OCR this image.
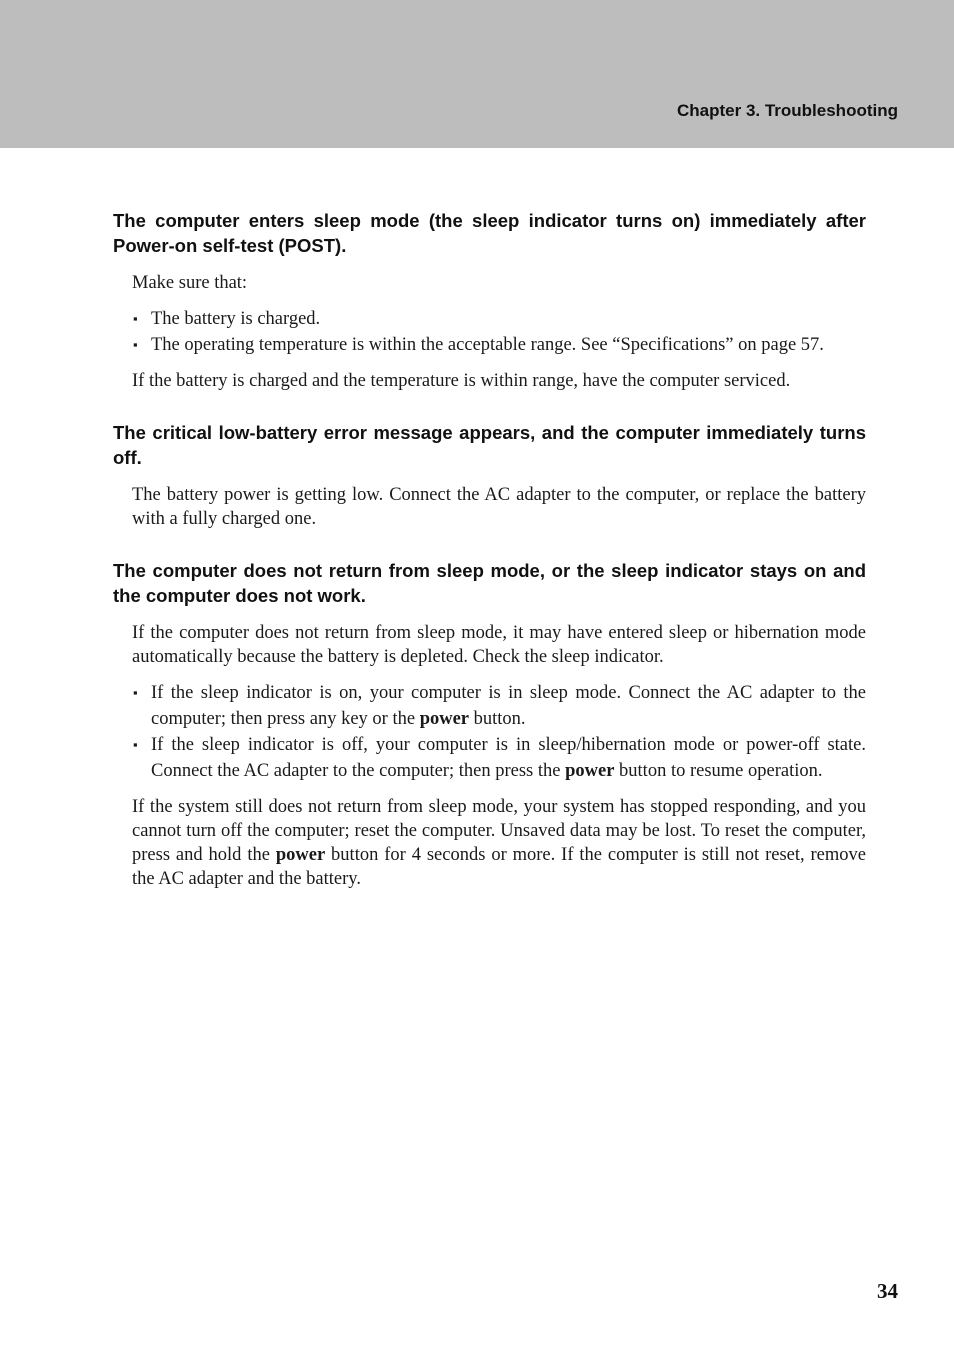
Chapter 3. Troubleshooting

The computer enters sleep mode (the sleep indicator turns on) immediately after Power-on self-test (POST).

Make sure that:

▪ The battery is charged.
▪ The operating temperature is within the acceptable range. See “Specifications” on page 57.

If the battery is charged and the temperature is within range, have the computer serviced.

The critical low-battery error message appears, and the computer immediately turns off.

The battery power is getting low. Connect the AC adapter to the computer, or replace the battery with a fully charged one.

The computer does not return from sleep mode, or the sleep indicator stays on and the computer does not work.

If the computer does not return from sleep mode, it may have entered sleep or hibernation mode automatically because the battery is depleted. Check the sleep indicator.

▪ If the sleep indicator is on, your computer is in sleep mode. Connect the AC adapter to the computer; then press any key or the power button.
▪ If the sleep indicator is off, your computer is in sleep/hibernation mode or power-off state. Connect the AC adapter to the computer; then press the power button to resume operation.

If the system still does not return from sleep mode, your system has stopped responding, and you cannot turn off the computer; reset the computer. Unsaved data may be lost. To reset the computer, press and hold the power button for 4 seconds or more. If the computer is still not reset, remove the AC adapter and the battery.

34
